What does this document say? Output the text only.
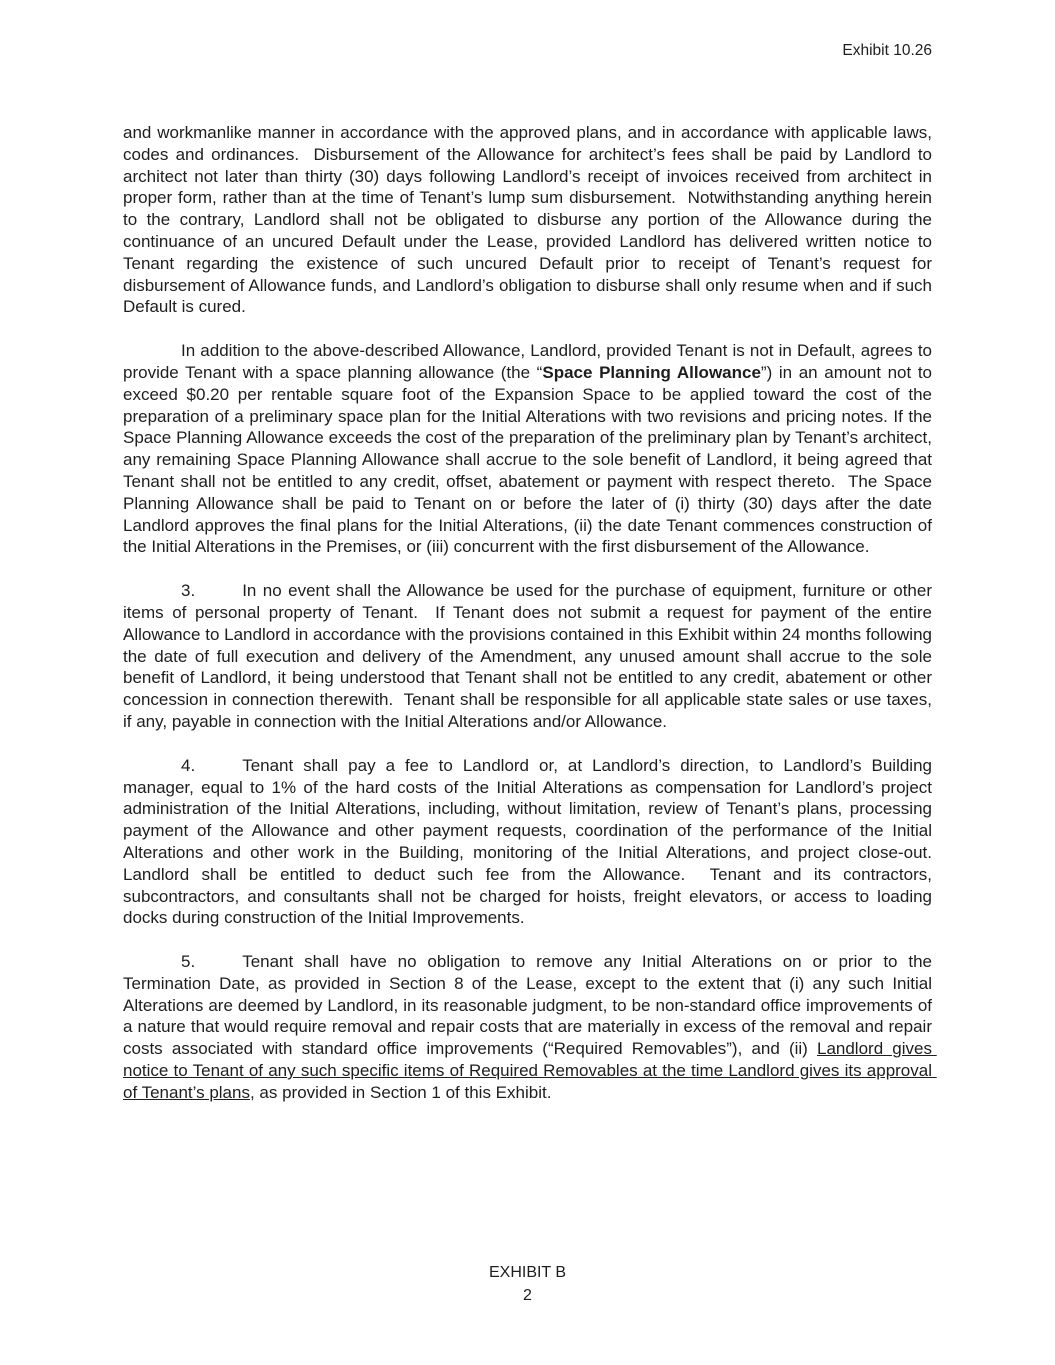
Exhibit 10.26

and workmanlike manner in accordance with the approved plans, and in accordance with applicable laws, codes and ordinances.  Disbursement of the Allowance for architect’s fees shall be paid by Landlord to architect not later than thirty (30) days following Landlord’s receipt of invoices received from architect in proper form, rather than at the time of Tenant’s lump sum disbursement.  Notwithstanding anything herein to the contrary, Landlord shall not be obligated to disburse any portion of the Allowance during the continuance of an uncured Default under the Lease, provided Landlord has delivered written notice to Tenant regarding the existence of such uncured Default prior to receipt of Tenant’s request for disbursement of Allowance funds, and Landlord’s obligation to disburse shall only resume when and if such Default is cured.

In addition to the above-described Allowance, Landlord, provided Tenant is not in Default, agrees to provide Tenant with a space planning allowance (the “Space Planning Allowance”) in an amount not to exceed $0.20 per rentable square foot of the Expansion Space to be applied toward the cost of the preparation of a preliminary space plan for the Initial Alterations with two revisions and pricing notes. If the Space Planning Allowance exceeds the cost of the preparation of the preliminary plan by Tenant’s architect, any remaining Space Planning Allowance shall accrue to the sole benefit of Landlord, it being agreed that Tenant shall not be entitled to any credit, offset, abatement or payment with respect thereto.  The Space Planning Allowance shall be paid to Tenant on or before the later of (i) thirty (30) days after the date Landlord approves the final plans for the Initial Alterations, (ii) the date Tenant commences construction of the Initial Alterations in the Premises, or (iii) concurrent with the first disbursement of the Allowance.

3.	In no event shall the Allowance be used for the purchase of equipment, furniture or other items of personal property of Tenant.  If Tenant does not submit a request for payment of the entire Allowance to Landlord in accordance with the provisions contained in this Exhibit within 24 months following the date of full execution and delivery of the Amendment, any unused amount shall accrue to the sole benefit of Landlord, it being understood that Tenant shall not be entitled to any credit, abatement or other concession in connection therewith.  Tenant shall be responsible for all applicable state sales or use taxes, if any, payable in connection with the Initial Alterations and/or Allowance.

4.	Tenant shall pay a fee to Landlord or, at Landlord’s direction, to Landlord’s Building manager, equal to 1% of the hard costs of the Initial Alterations as compensation for Landlord’s project administration of the Initial Alterations, including, without limitation, review of Tenant’s plans, processing payment of the Allowance and other payment requests, coordination of the performance of the Initial Alterations and other work in the Building, monitoring of the Initial Alterations, and project close-out.  Landlord shall be entitled to deduct such fee from the Allowance.  Tenant and its contractors, subcontractors, and consultants shall not be charged for hoists, freight elevators, or access to loading docks during construction of the Initial Improvements.

5.	Tenant shall have no obligation to remove any Initial Alterations on or prior to the Termination Date, as provided in Section 8 of the Lease, except to the extent that (i) any such Initial Alterations are deemed by Landlord, in its reasonable judgment, to be non-standard office improvements of a nature that would require removal and repair costs that are materially in excess of the removal and repair costs associated with standard office improvements (“Required Removables”), and (ii) Landlord gives notice to Tenant of any such specific items of Required Removables at the time Landlord gives its approval of Tenant’s plans, as provided in Section 1 of this Exhibit.

EXHIBIT B
2
